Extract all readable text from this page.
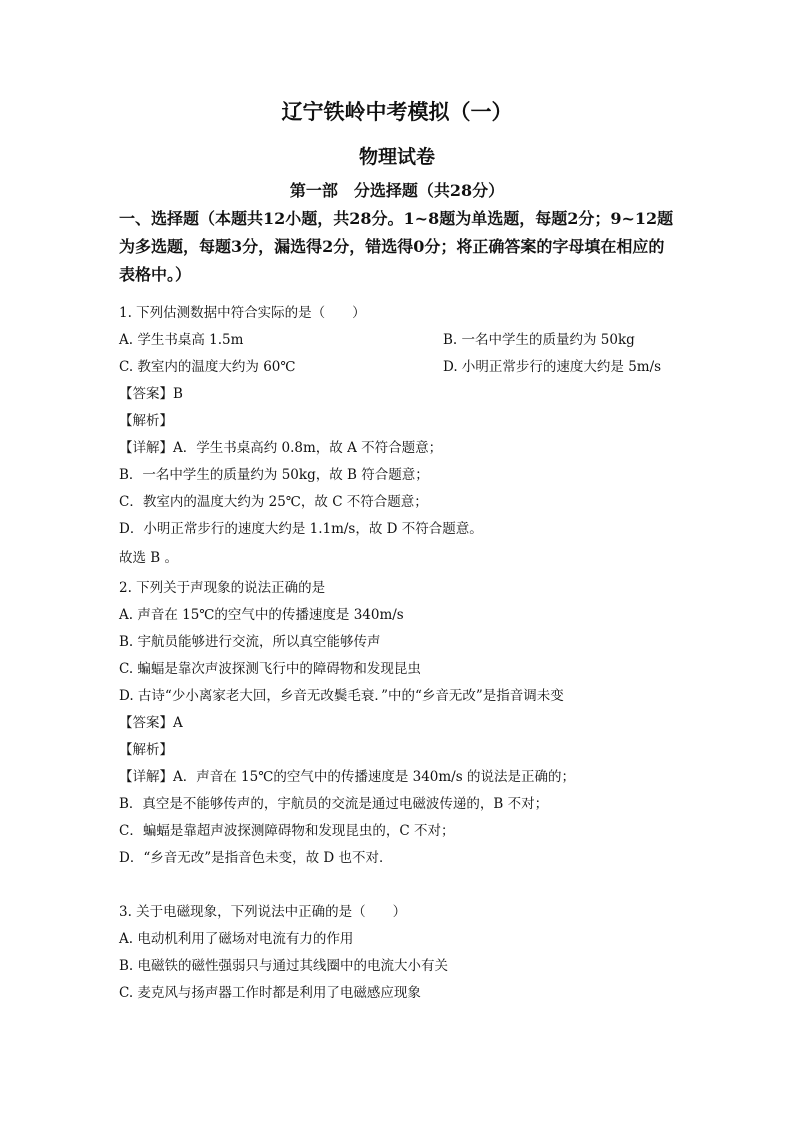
辽宁铁岭中考模拟（一）
物理试卷
第一部　分选择题（共28分）
一、选择题（本题共12小题，共28分。1~8题为单选题，每题2分；9~12题为多选题，每题3分，漏选得2分，错选得0分；将正确答案的字母填在相应的表格中。）
1. 下列估测数据中符合实际的是（　　）
A. 学生书桌高 1.5m	B. 一名中学生的质量约为 50kg
C. 教室内的温度大约为 60℃	D. 小明正常步行的速度大约是 5m/s
【答案】B
【解析】
【详解】A．学生书桌高约 0.8m，故 A 不符合题意；
B．一名中学生的质量约为 50kg，故 B 符合题意；
C．教室内的温度大约为 25℃，故 C 不符合题意；
D．小明正常步行的速度大约是 1.1m/s，故 D 不符合题意。
故选 B 。
2. 下列关于声现象的说法正确的是
A. 声音在 15℃的空气中的传播速度是 340m/s
B. 宇航员能够进行交流，所以真空能够传声
C. 蝙蝠是靠次声波探测飞行中的障碍物和发现昆虫
D. 古诗“少小离家老大回，乡音无改鬓毛衰．”中的“乡音无改”是指音调未变
【答案】A
【解析】
【详解】A．声音在 15℃的空气中的传播速度是 340m/s 的说法是正确的；
B．真空是不能够传声的，宇航员的交流是通过电磁波传递的，B 不对；
C．蝙蝠是靠超声波探测障碍物和发现昆虫的，C 不对；
D．“乡音无改”是指音色未变，故 D 也不对．
3. 关于电磁现象，下列说法中正确的是（　　）
A. 电动机利用了磁场对电流有力的作用
B. 电磁铁的磁性强弱只与通过其线圈中的电流大小有关
C. 麦克风与扬声器工作时都是利用了电磁感应现象
